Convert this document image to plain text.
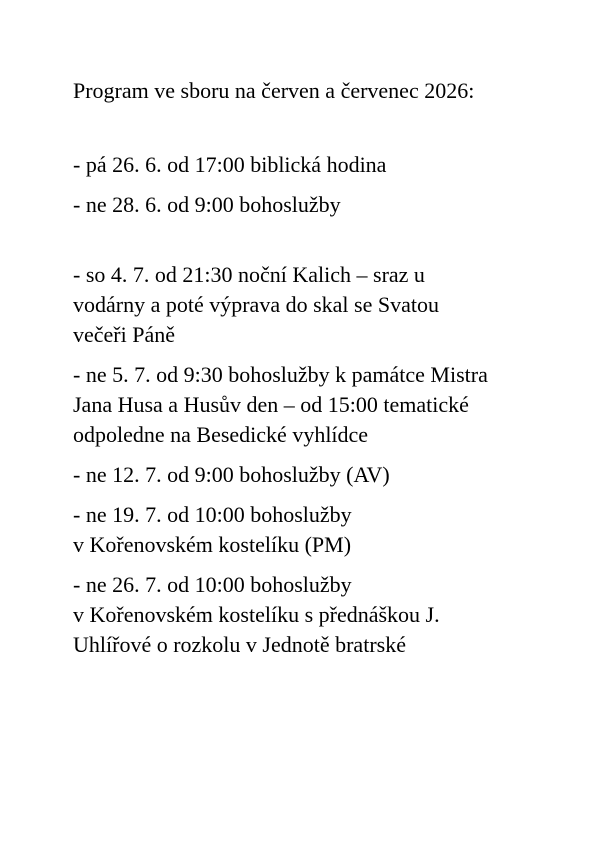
Program ve sboru na červen a červenec 2026:
- pá 26. 6. od 17:00 biblická hodina
- ne 28. 6. od 9:00 bohoslužby
- so 4. 7. od 21:30 noční Kalich – sraz u
vodárny a poté výprava do skal se Svatou
večeři Páně
- ne 5. 7. od 9:30 bohoslužby k památce Mistra
Jana Husa a Husův den – od 15:00 tematické
odpoledne na Besedické vyhlídce
- ne 12. 7. od 9:00 bohoslužby (AV)
- ne 19. 7. od 10:00 bohoslužby
v Kořenovském kostelíku (PM)
- ne 26. 7. od 10:00 bohoslužby
v Kořenovském kostelíku s přednáškou J.
Uhlířové o rozkolu v Jednotě bratrské
